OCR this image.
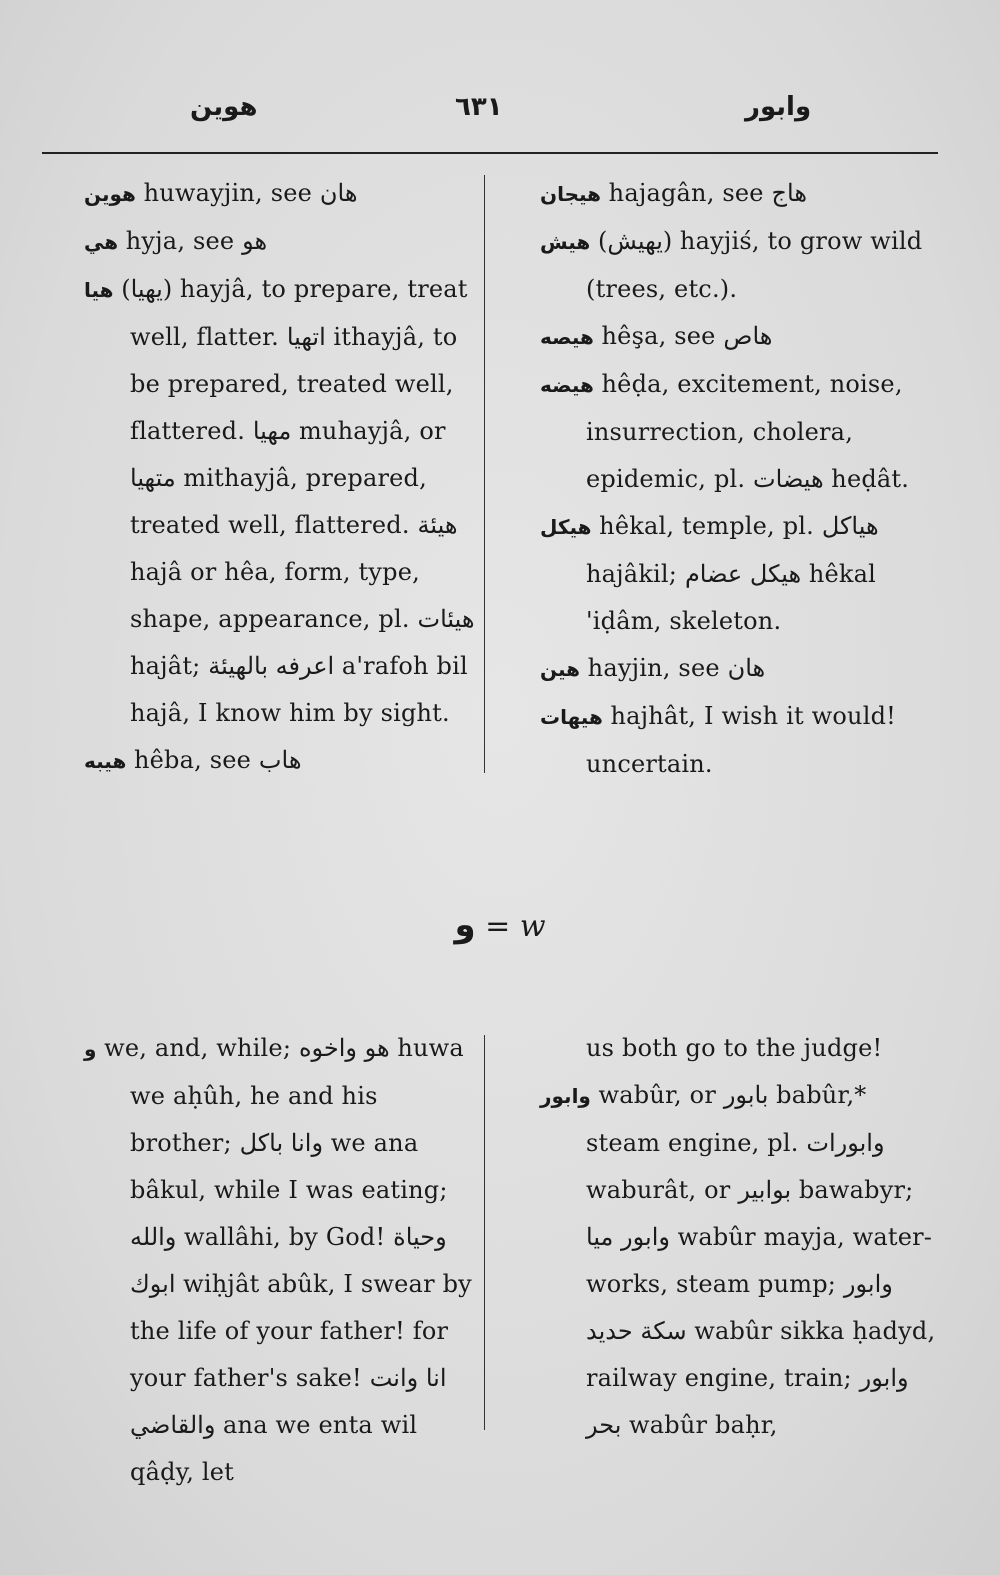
هوين	٦٣١	وابور

هوين huwayjin, see هان

هي hyja, see هو

هيا (يهيا) hayjâ, to prepare, treat well, flatter. اتهيا ithayjâ, to be prepared, treated well, flattered. مهيا muhayjâ, or متهيا mithayjâ, prepared, treated well, flattered. هيئة hajâ or hêa, form, type, shape, appearance, pl. هيئات hajât; اعرفه بالهيئة a'rafoh bil hajâ, I know him by sight.

هيبه hêba, see هاب

هيجان hajagân, see هاج

هيش (يهيش) hayjiś, to grow wild (trees, etc.).

هيصه hêşa, see هاص

هيضه hêḍa, excitement, noise, insurrection, cholera, epidemic, pl. هيضات heḍât.

هيكل hêkal, temple, pl. هياكل hajâkil; هيكل عضام hêkal 'iḍâm, skeleton.

هين hayjin, see هان

هيهات hajhât, I wish it would! uncertain.

و = w

و we, and, while; هو واخوه huwa we aḥûh, he and his brother; وانا باكل we ana bâkul, while I was eating; والله wallâhi, by God! وحياة ابوك wiḥjât abûk, I swear by the life of your father! for your father's sake! انا وانت والقاضي ana we enta wil qâḍy, let

us both go to the judge!

وابور wabûr, or بابور babûr,* steam engine, pl. وابورات waburât, or بوابير bawabyr; وابور ميا wabûr mayja, water-works, steam pump; وابور سكة حديد wabûr sikka ḥadyd, railway engine, train; وابور بحر wabûr baḥr,
